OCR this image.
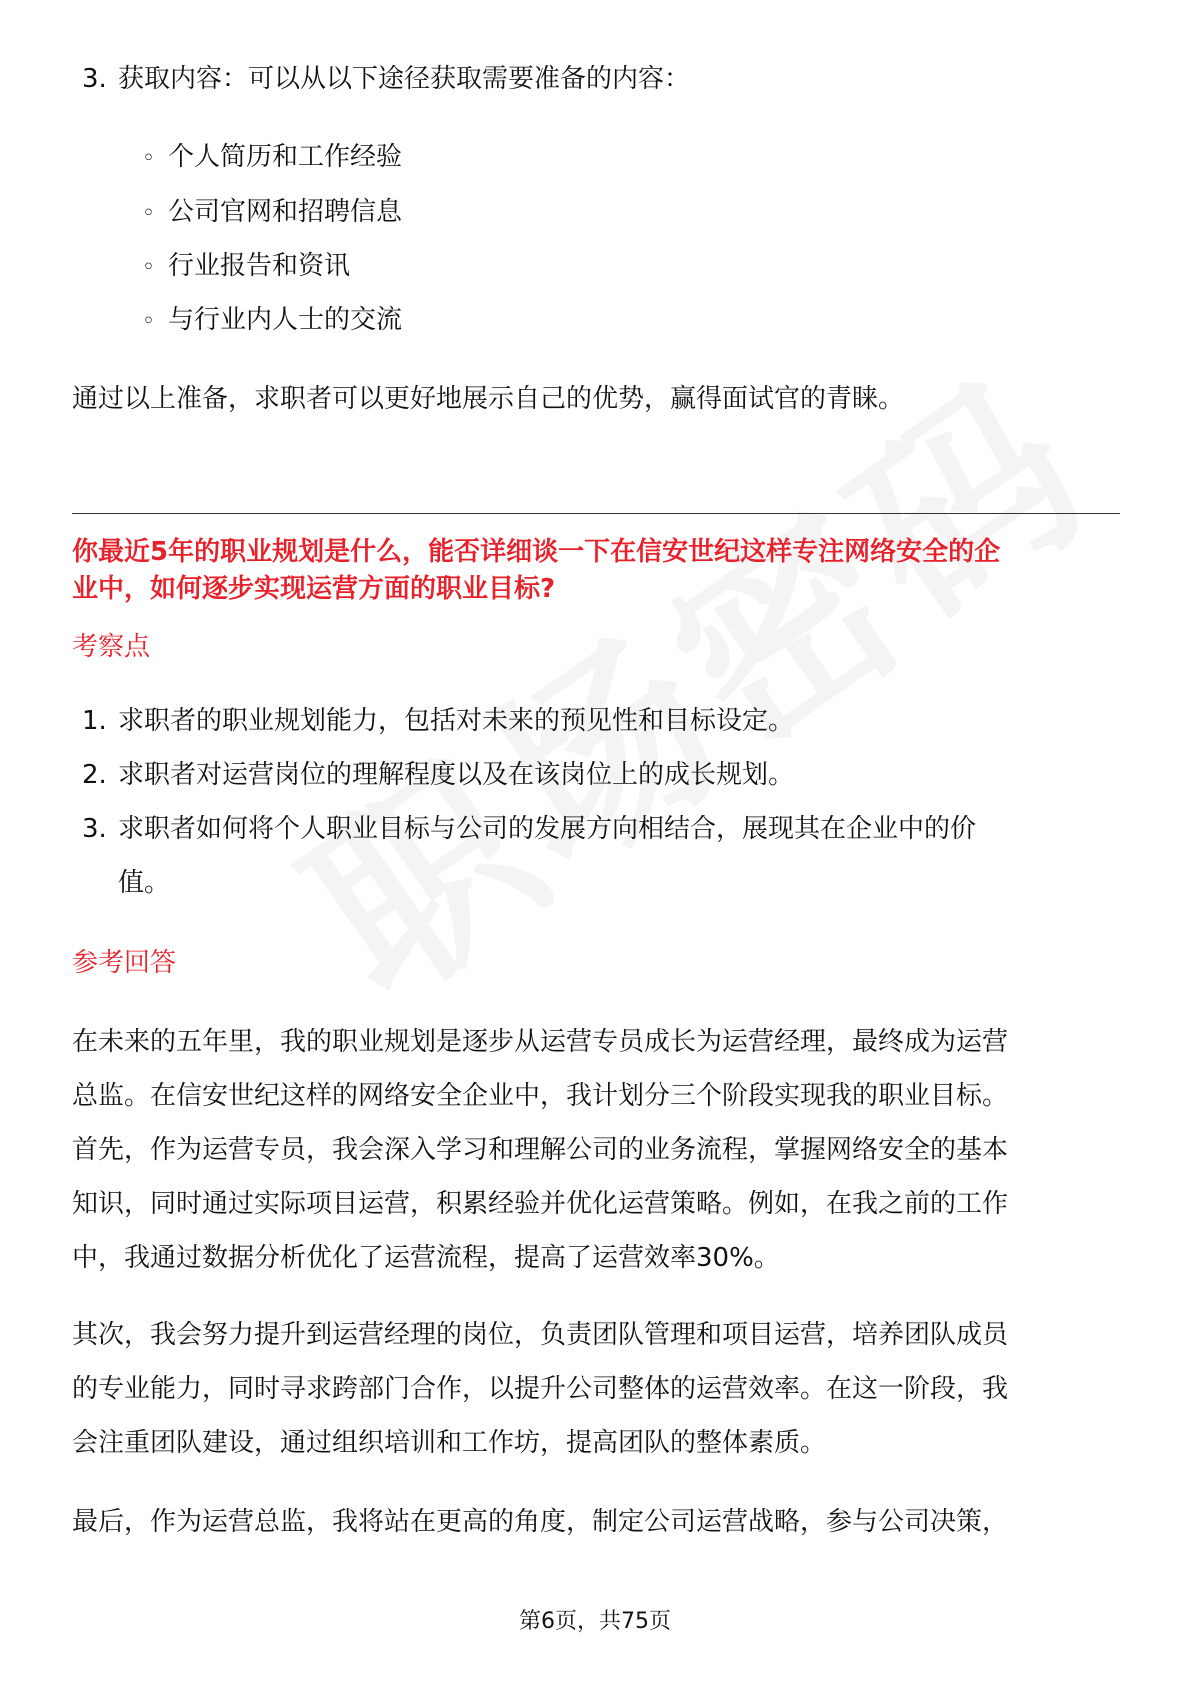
3. 获取内容：可以从以下途径获取需要准备的内容：
◦ 个人简历和工作经验
◦ 公司官网和招聘信息
◦ 行业报告和资讯
◦ 与行业内人士的交流
通过以上准备，求职者可以更好地展示自己的优势，赢得面试官的青睐。
你最近5年的职业规划是什么，能否详细谈一下在信安世纪这样专注网络安全的企
业中，如何逐步实现运营方面的职业目标?
考察点
1. 求职者的职业规划能力，包括对未来的预见性和目标设定。
2. 求职者对运营岗位的理解程度以及在该岗位上的成长规划。
3. 求职者如何将个人职业目标与公司的发展方向相结合，展现其在企业中的价
值。
参考回答
在未来的五年里，我的职业规划是逐步从运营专员成长为运营经理，最终成为运营
总监。在信安世纪这样的网络安全企业中，我计划分三个阶段实现我的职业目标。
首先，作为运营专员，我会深入学习和理解公司的业务流程，掌握网络安全的基本
知识，同时通过实际项目运营，积累经验并优化运营策略。例如，在我之前的工作
中，我通过数据分析优化了运营流程，提高了运营效率30%。
其次，我会努力提升到运营经理的岗位，负责团队管理和项目运营，培养团队成员
的专业能力，同时寻求跨部门合作，以提升公司整体的运营效率。在这一阶段，我
会注重团队建设，通过组织培训和工作坊，提高团队的整体素质。
最后，作为运营总监，我将站在更高的角度，制定公司运营战略，参与公司决策，
第6页，共75页
